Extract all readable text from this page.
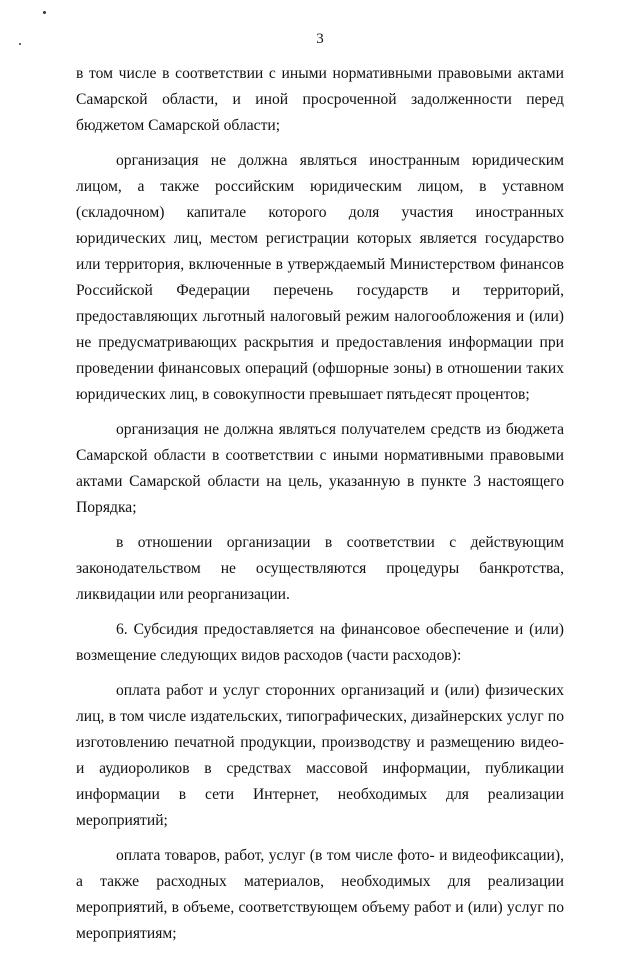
3

в том числе в соответствии с иными нормативными правовыми актами Самарской области, и иной просроченной задолженности перед бюджетом Самарской области;

организация не должна являться иностранным юридическим лицом, а также российским юридическим лицом, в уставном (складочном) капитале которого доля участия иностранных юридических лиц, местом регистрации которых является государство или территория, включенные в утверждаемый Министерством финансов Российской Федерации перечень государств и территорий, предоставляющих льготный налоговый режим налогообложения и (или) не предусматривающих раскрытия и предоставления информации при проведении финансовых операций (офшорные зоны) в отношении таких юридических лиц, в совокупности превышает пятьдесят процентов;

организация не должна являться получателем средств из бюджета Самарской области в соответствии с иными нормативными правовыми актами Самарской области на цель, указанную в пункте 3 настоящего Порядка;

в отношении организации в соответствии с действующим законодательством не осуществляются процедуры банкротства, ликвидации или реорганизации.

6. Субсидия предоставляется на финансовое обеспечение и (или) возмещение следующих видов расходов (части расходов):

оплата работ и услуг сторонних организаций и (или) физических лиц, в том числе издательских, типографических, дизайнерских услуг по изготовлению печатной продукции, производству и размещению видео- и аудиороликов в средствах массовой информации, публикации информации в сети Интернет, необходимых для реализации мероприятий;

оплата товаров, работ, услуг (в том числе фото- и видеофиксации), а также расходных материалов, необходимых для реализации мероприятий, в объеме, соответствующем объему работ и (или) услуг по мероприятиям;
